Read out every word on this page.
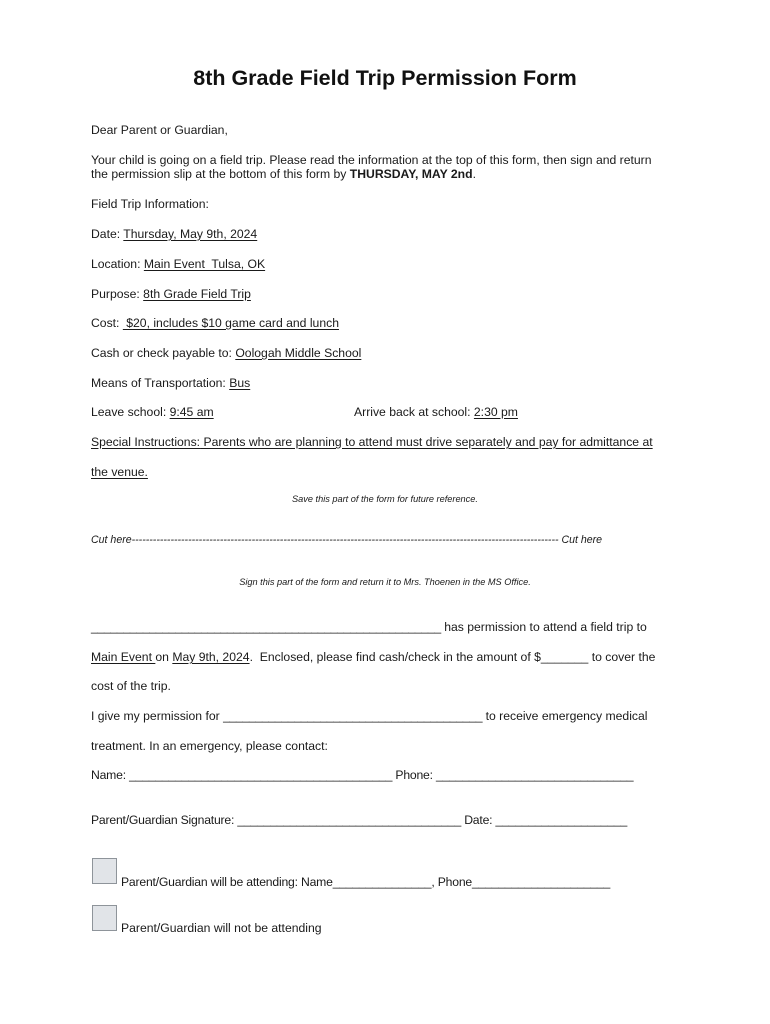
8th Grade Field Trip Permission Form
Dear Parent or Guardian,
Your child is going on a field trip. Please read the information at the top of this form, then sign and return
the permission slip at the bottom of this form by THURSDAY, MAY 2nd.
Field Trip Information:
Date: Thursday, May 9th, 2024
Location: Main Event  Tulsa, OK
Purpose: 8th Grade Field Trip
Cost:  $20, includes $10 game card and lunch
Cash or check payable to: Oologah Middle School
Means of Transportation: Bus
Leave school: 9:45 am	Arrive back at school: 2:30 pm
Special Instructions: Parents who are planning to attend must drive separately and pay for admittance at
the venue.
Save this part of the form for future reference.
Cut here------------------------------------------------------------------------------------------------------------------------- Cut here
Sign this part of the form and return it to Mrs. Thoenen in the MS Office.
______________________________________________________ has permission to attend a field trip to
Main Event on May 9th, 2024.  Enclosed, please find cash/check in the amount of $_______ to cover the
cost of the trip.
I give my permission for ________________________________________ to receive emergency medical
treatment. In an emergency, please contact:
Name: ________________________________________ Phone: ______________________________
Parent/Guardian Signature: __________________________________ Date: ____________________
Parent/Guardian will be attending: Name_______________, Phone_____________________
Parent/Guardian will not be attending
